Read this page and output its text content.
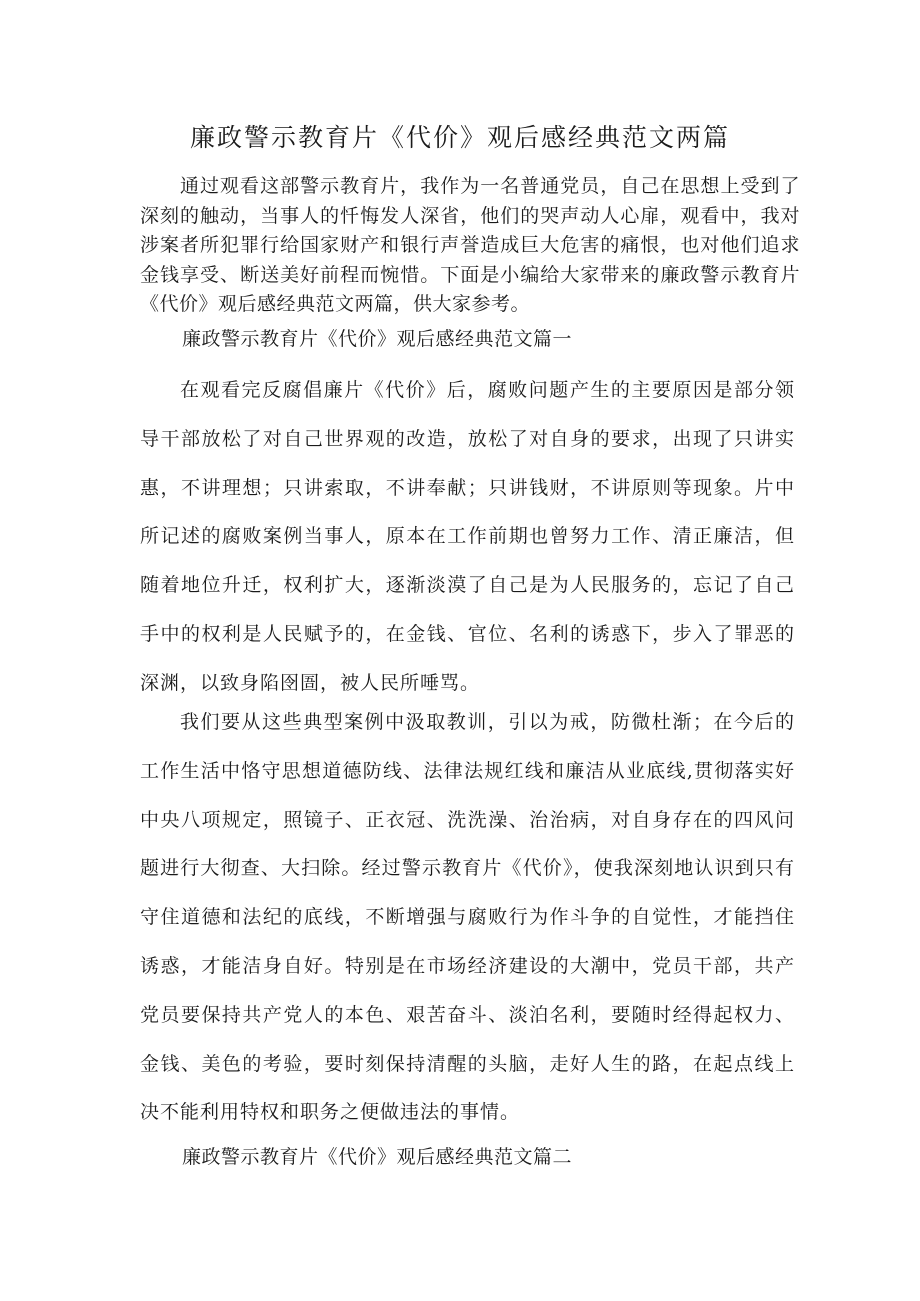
廉政警示教育片《代价》观后感经典范文两篇

通过观看这部警示教育片，我作为一名普通党员，自己在思想上受到了深刻的触动，当事人的忏悔发人深省，他们的哭声动人心扉，观看中，我对涉案者所犯罪行给国家财产和银行声誉造成巨大危害的痛恨，也对他们追求金钱享受、断送美好前程而惋惜。下面是小编给大家带来的廉政警示教育片《代价》观后感经典范文两篇，供大家参考。

廉政警示教育片《代价》观后感经典范文篇一

在观看完反腐倡廉片《代价》后，腐败问题产生的主要原因是部分领导干部放松了对自己世界观的改造，放松了对自身的要求，出现了只讲实惠，不讲理想；只讲索取，不讲奉献；只讲钱财，不讲原则等现象。片中所记述的腐败案例当事人，原本在工作前期也曾努力工作、清正廉洁，但随着地位升迁，权利扩大，逐渐淡漠了自己是为人民服务的，忘记了自己手中的权利是人民赋予的，在金钱、官位、名利的诱惑下，步入了罪恶的深渊，以致身陷囹圄，被人民所唾骂。

我们要从这些典型案例中汲取教训，引以为戒，防微杜渐；在今后的工作生活中恪守思想道德防线、法律法规红线和廉洁从业底线,贯彻落实好中央八项规定，照镜子、正衣冠、洗洗澡、治治病，对自身存在的四风问题进行大彻查、大扫除。经过警示教育片《代价》，使我深刻地认识到只有守住道德和法纪的底线，不断增强与腐败行为作斗争的自觉性，才能挡住诱惑，才能洁身自好。特别是在市场经济建设的大潮中，党员干部，共产党员要保持共产党人的本色、艰苦奋斗、淡泊名利，要随时经得起权力、金钱、美色的考验，要时刻保持清醒的头脑，走好人生的路，在起点线上决不能利用特权和职务之便做违法的事情。

廉政警示教育片《代价》观后感经典范文篇二
